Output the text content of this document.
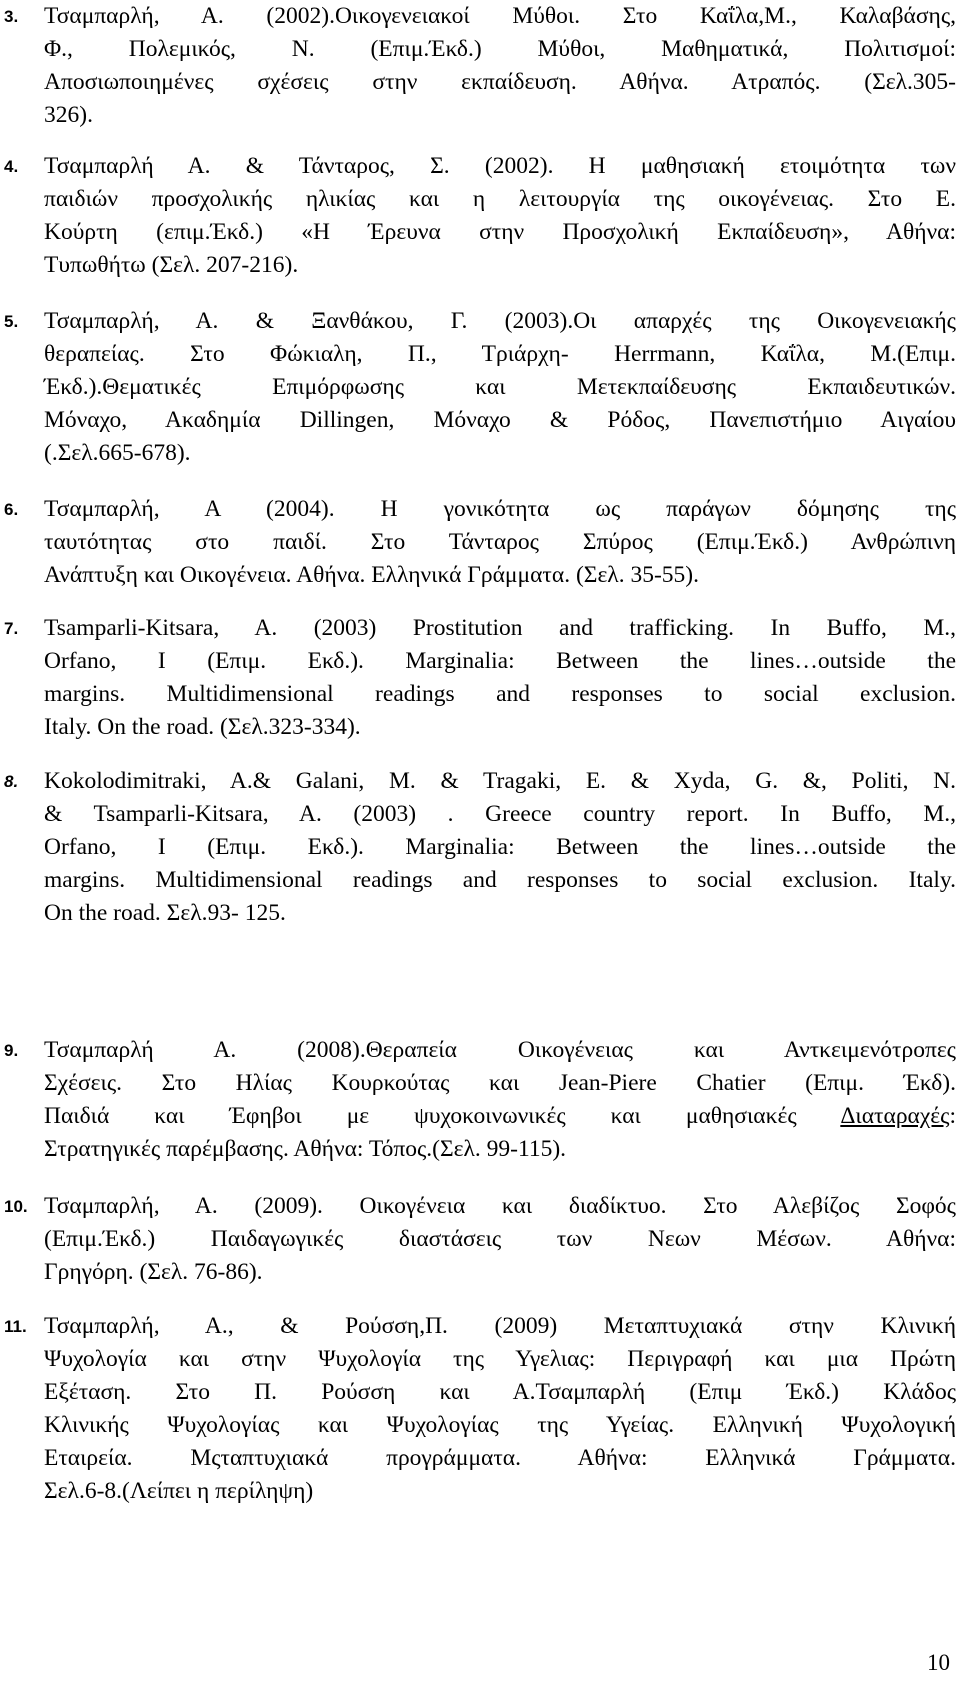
3. Τσαμπαρλή, Α. (2002).Οικογενειακοί Μύθοι. Στο Καΐλα,Μ., Καλαβάσης,
Φ., Πολεμικός, Ν. (Επιμ.Έκδ.) Μύθοι, Μαθηματικά, Πολιτισμοί:
Αποσιωποιημένες σχέσεις στην εκπαίδευση. Αθήνα. Ατραπός. (Σελ.305-
326).
4. Τσαμπαρλή Α. & Τάνταρος, Σ. (2002). Η μαθησιακή ετοιμότητα των
παιδιών προσχολικής ηλικίας και η λειτουργία της οικογένειας. Στο Ε.
Κούρτη (επιμ.Έκδ.) «Η Έρευνα στην Προσχολική Εκπαίδευση», Αθήνα:
Τυπωθήτω (Σελ. 207-216).
5. Τσαμπαρλή, Α. & Ξανθάκου, Γ. (2003).Οι απαρχές της Οικογενειακής
θεραπείας. Στο Φώκιαλη, Π., Τριάρχη- Herrmann, Καΐλα, Μ.(Επιμ.
Έκδ.).Θεματικές Επιμόρφωσης και Μετεκπαίδευσης Εκπαιδευτικών.
Μόναχο, Ακαδημία Dillingen, Μόναχο & Ρόδος, Πανεπιστήμιο Αιγαίου
(.Σελ.665-678).
6. Τσαμπαρλή, Α (2004). Η γονικότητα ως παράγων δόμησης της
ταυτότητας στο παιδί. Στο Τάνταρος Σπύρος (Επιμ.Έκδ.) Ανθρώπινη
Ανάπτυξη και Οικογένεια. Αθήνα. Ελληνικά Γράμματα. (Σελ. 35-55).
7. Tsamparli-Kitsara, A. (2003) Prostitution and trafficking. In Buffo, M.,
Orfano, I (Επιμ. Εκδ.). Marginalia: Between the lines…outside the
margins. Multidimensional readings and responses to social exclusion.
Italy. On the road. (Σελ.323-334).
8. Kokolodimitraki, A.& Galani, M. & Tragaki, E. & Xyda, G. &, Politi, N.
& Tsamparli-Kitsara, A. (2003) . Greece country report. In Buffo, M.,
Orfano, I (Επιμ. Εκδ.). Marginalia: Between the lines…outside the
margins. Multidimensional readings and responses to social exclusion. Italy.
On the road. Σελ.93- 125.
9. Τσαμπαρλή Α. (2008).Θεραπεία Οικογένειας και Αντκειμενότροπες
Σχέσεις. Στο Ηλίας Κουρκούτας και Jean-Piere Chatier (Επιμ. Έκδ).
Παιδιά και Έφηβοι με ψυχοκοινωνικές και μαθησιακές Διαταραχές:
Στρατηγικές παρέμβασης. Αθήνα: Τόπος.(Σελ. 99-115).
10. Τσαμπαρλή, Α. (2009). Οικογένεια και διαδίκτυο. Στο Αλεβίζος Σοφός
(Επιμ.Έκδ.) Παιδαγωγικές διαστάσεις των Νεων Μέσων. Αθήνα:
Γρηγόρη. (Σελ. 76-86).
11. Τσαμπαρλή, Α., & Ρούσση,Π. (2009) Μεταπτυχιακά στην Κλινική
Ψυχολογία και στην Ψυχολογία της Υγελιας: Περιγραφή και μια Πρώτη
Εξέταση. Στο Π. Ρούσση και Α.Τσαμπαρλή (Επιμ Έκδ.) Κλάδος
Κλινικής Ψυχολογίας και Ψυχολογίας της Υγείας. Ελληνική Ψυχολογική
Εταιρεία. Μςταπτυχιακά προγράμματα. Αθήνα: Ελληνικά Γράμματα.
Σελ.6-8.(Λείπει η περίληψη)
10
